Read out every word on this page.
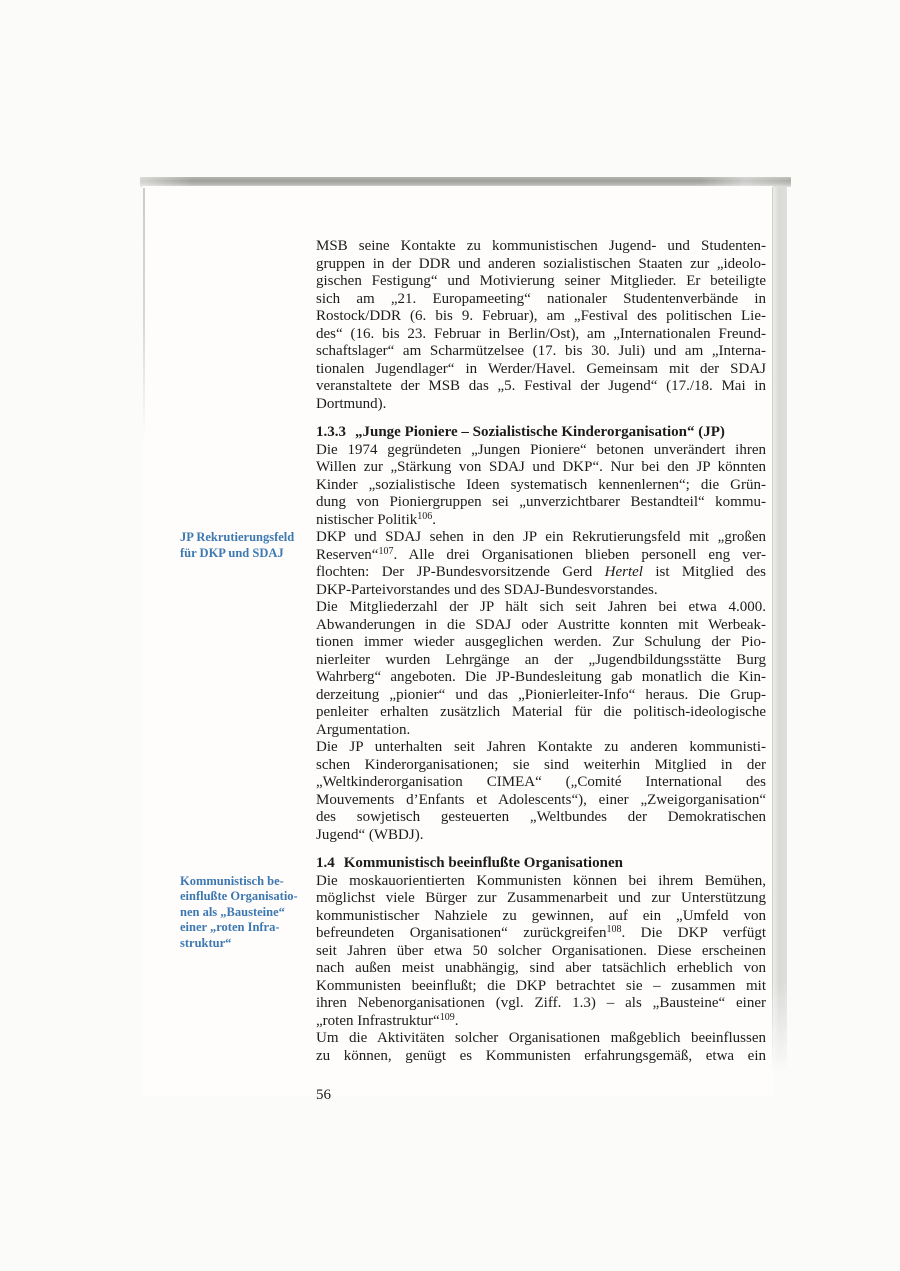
MSB seine Kontakte zu kommunistischen Jugend- und Studenten-
gruppen in der DDR und anderen sozialistischen Staaten zur „ideolo-
gischen Festigung“ und Motivierung seiner Mitglieder. Er beteiligte
sich am „21. Europameeting“ nationaler Studentenverbände in
Rostock/DDR (6. bis 9. Februar), am „Festival des politischen Lie-
des“ (16. bis 23. Februar in Berlin/Ost), am „Internationalen Freund-
schaftslager“ am Scharmützelsee (17. bis 30. Juli) und am „Interna-
tionalen Jugendlager“ in Werder/Havel. Gemeinsam mit der SDAJ
veranstaltete der MSB das „5. Festival der Jugend“ (17./18. Mai in
Dortmund).
1.3.3 „Junge Pioniere – Sozialistische Kinderorganisation“ (JP)
Die 1974 gegründeten „Jungen Pioniere“ betonen unverändert ihren
Willen zur „Stärkung von SDAJ und DKP“. Nur bei den JP könnten
Kinder „sozialistische Ideen systematisch kennenlernen“; die Grün-
dung von Pioniergruppen sei „unverzichtbarer Bestandteil“ kommu-
nistischer Politik$^{106}$.
JP Rekrutierungsfeld
für DKP und SDAJ
DKP und SDAJ sehen in den JP ein Rekrutierungsfeld mit „großen
Reserven“$^{107}$. Alle drei Organisationen blieben personell eng ver-
flochten: Der JP-Bundesvorsitzende Gerd Hertel ist Mitglied des
DKP-Parteivorstandes und des SDAJ-Bundesvorstandes.
Die Mitgliederzahl der JP hält sich seit Jahren bei etwa 4.000.
Abwanderungen in die SDAJ oder Austritte konnten mit Werbeak-
tionen immer wieder ausgeglichen werden. Zur Schulung der Pio-
nierleiter wurden Lehrgänge an der „Jugendbildungsstätte Burg
Wahrberg“ angeboten. Die JP-Bundesleitung gab monatlich die Kin-
derzeitung „pionier“ und das „Pionierleiter-Info“ heraus. Die Grup-
penleiter erhalten zusätzlich Material für die politisch-ideologische
Argumentation.
Die JP unterhalten seit Jahren Kontakte zu anderen kommunisti-
schen Kinderorganisationen; sie sind weiterhin Mitglied in der
„Weltkinderorganisation CIMEA“ („Comité International des
Mouvements d’Enfants et Adolescents“), einer „Zweigorganisation“
des sowjetisch gesteuerten „Weltbundes der Demokratischen
Jugend“ (WBDJ).
1.4 Kommunistisch beeinflußte Organisationen
Kommunistisch be-
einflußte Organisatio-
nen als „Bausteine“
einer „roten Infra-
struktur“
Die moskauorientierten Kommunisten können bei ihrem Bemühen,
möglichst viele Bürger zur Zusammenarbeit und zur Unterstützung
kommunistischer Nahziele zu gewinnen, auf ein „Umfeld von
befreundeten Organisationen“ zurückgreifen$^{108}$. Die DKP verfügt
seit Jahren über etwa 50 solcher Organisationen. Diese erscheinen
nach außen meist unabhängig, sind aber tatsächlich erheblich von
Kommunisten beeinflußt; die DKP betrachtet sie – zusammen mit
ihren Nebenorganisationen (vgl. Ziff. 1.3) – als „Bausteine“ einer
„roten Infrastruktur“$^{109}$.
Um die Aktivitäten solcher Organisationen maßgeblich beeinflussen
zu können, genügt es Kommunisten erfahrungsgemäß, etwa ein
56
